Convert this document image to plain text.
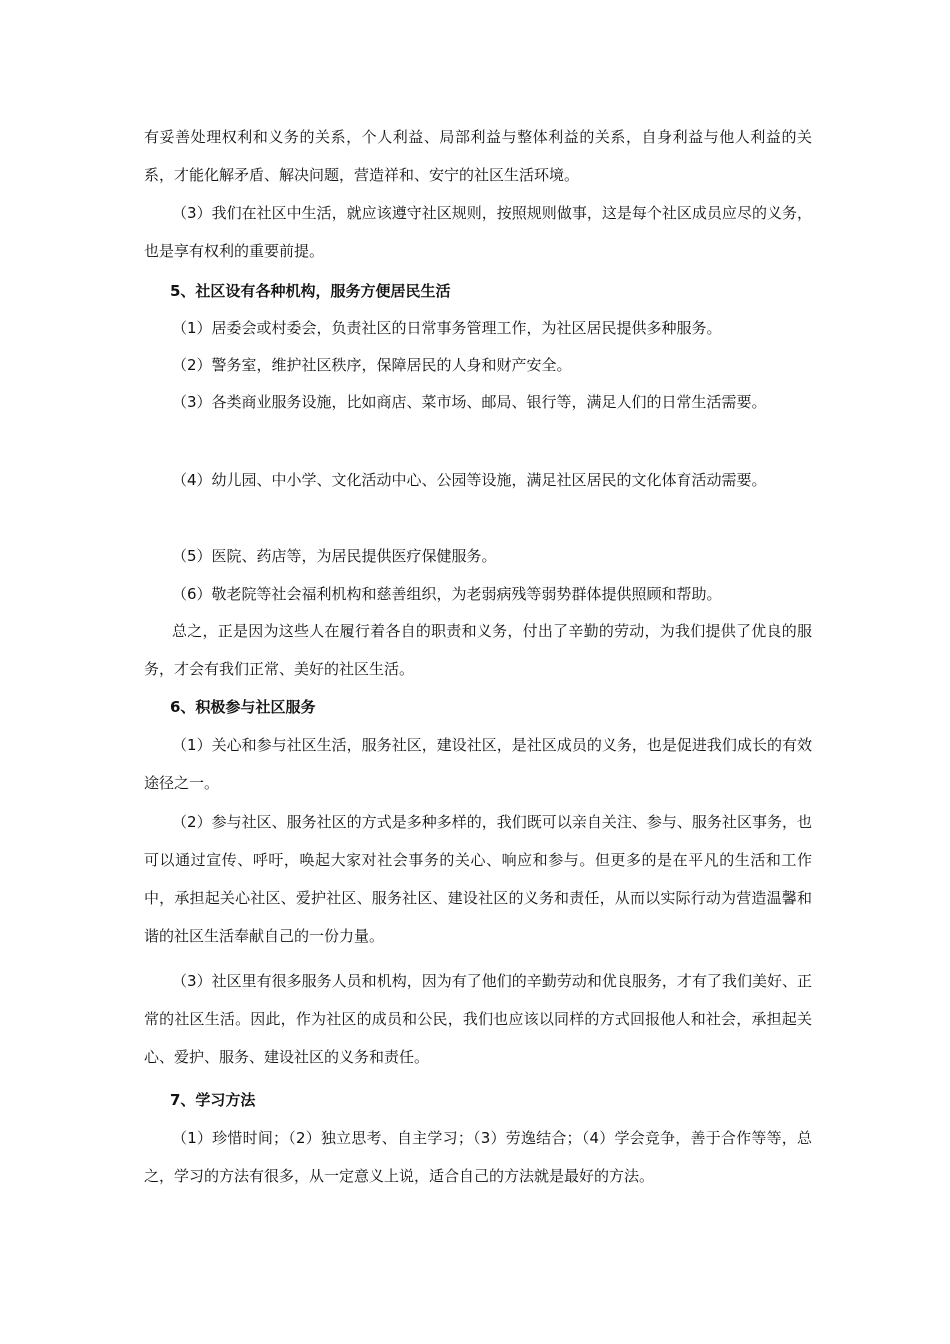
有妥善处理权利和义务的关系，个人利益、局部利益与整体利益的关系，自身利益与他人利益的关系，才能化解矛盾、解决问题，营造祥和、安宁的社区生活环境。

（3）我们在社区中生活，就应该遵守社区规则，按照规则做事，这是每个社区成员应尽的义务，也是享有权利的重要前提。

5、社区设有各种机构，服务方便居民生活

（1）居委会或村委会，负责社区的日常事务管理工作，为社区居民提供多种服务。

（2）警务室，维护社区秩序，保障居民的人身和财产安全。

（3）各类商业服务设施，比如商店、菜市场、邮局、银行等，满足人们的日常生活需要。

（4）幼儿园、中小学、文化活动中心、公园等设施，满足社区居民的文化体育活动需要。

（5）医院、药店等，为居民提供医疗保健服务。

（6）敬老院等社会福利机构和慈善组织，为老弱病残等弱势群体提供照顾和帮助。

总之，正是因为这些人在履行着各自的职责和义务，付出了辛勤的劳动，为我们提供了优良的服务，才会有我们正常、美好的社区生活。

6、积极参与社区服务

（1）关心和参与社区生活，服务社区，建设社区，是社区成员的义务，也是促进我们成长的有效途径之一。

（2）参与社区、服务社区的方式是多种多样的，我们既可以亲自关注、参与、服务社区事务，也可以通过宣传、呼吁，唤起大家对社会事务的关心、响应和参与。但更多的是在平凡的生活和工作中，承担起关心社区、爱护社区、服务社区、建设社区的义务和责任，从而以实际行动为营造温馨和谐的社区生活奉献自己的一份力量。

（3）社区里有很多服务人员和机构，因为有了他们的辛勤劳动和优良服务，才有了我们美好、正常的社区生活。因此，作为社区的成员和公民，我们也应该以同样的方式回报他人和社会，承担起关心、爱护、服务、建设社区的义务和责任。

7、学习方法

（1）珍惜时间；（2）独立思考、自主学习；（3）劳逸结合；（4）学会竞争，善于合作等等，总之，学习的方法有很多，从一定意义上说，适合自己的方法就是最好的方法。
